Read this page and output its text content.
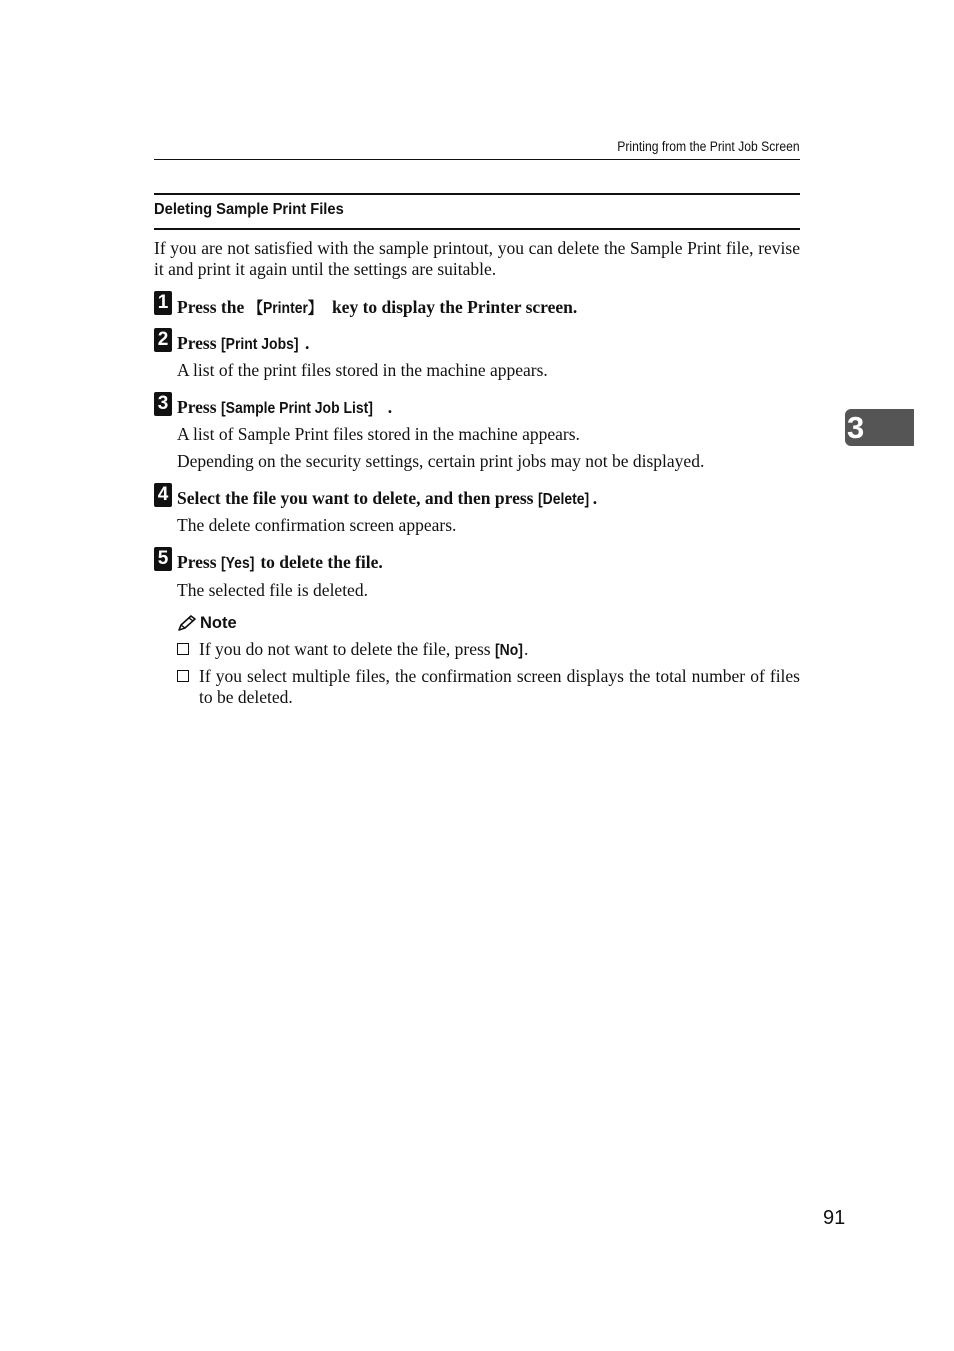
Printing from the Print Job Screen
Deleting Sample Print Files
If you are not satisfied with the sample printout, you can delete the Sample Print file, revise it and print it again until the settings are suitable.
1 Press the 【Printer】 key to display the Printer screen.
2 Press [Print Jobs] .
A list of the print files stored in the machine appears.
3 Press [Sample Print Job List] .
A list of Sample Print files stored in the machine appears.
Depending on the security settings, certain print jobs may not be displayed.
4 Select the file you want to delete, and then press [Delete] .
The delete confirmation screen appears.
5 Press [Yes] to delete the file.
The selected file is deleted.
Note
If you do not want to delete the file, press [No].
If you select multiple files, the confirmation screen displays the total number of files to be deleted.
3
91
